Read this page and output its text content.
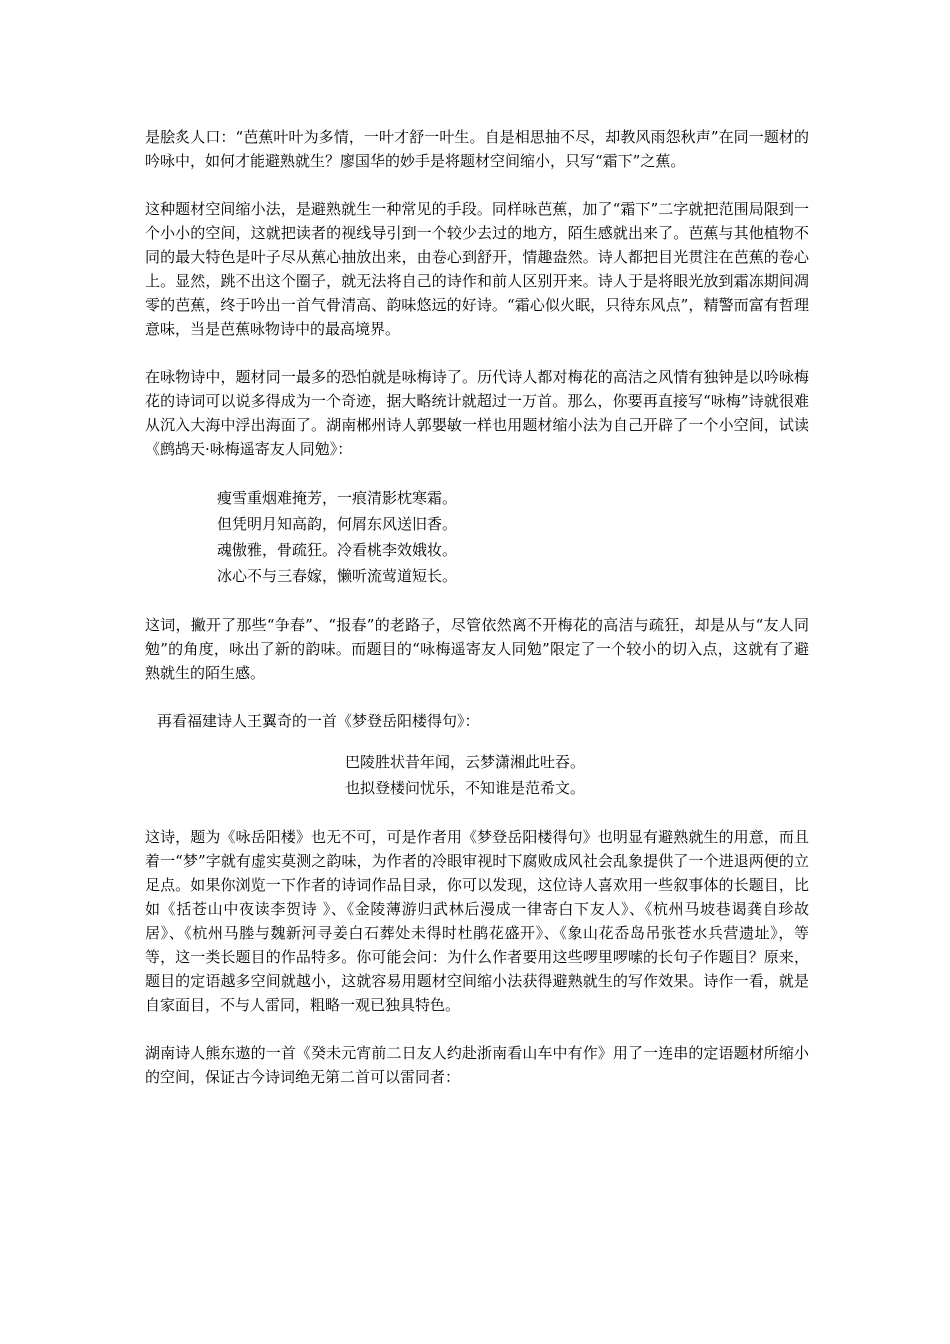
是脍炙人口：“芭蕉叶叶为多情，一叶才舒一叶生。自是相思抽不尽，却教风雨怨秋声”在同一题材的吟咏中，如何才能避熟就生？廖国华的妙手是将题材空间缩小，只写“霜下”之蕉。

这种题材空间缩小法，是避熟就生一种常见的手段。同样咏芭蕉，加了“霜下”二字就把范围局限到一个小小的空间，这就把读者的视线导引到一个较少去过的地方，陌生感就出来了。芭蕉与其他植物不同的最大特色是叶子尽从蕉心抽放出来，由卷心到舒开，情趣盎然。诗人都把目光贯注在芭蕉的卷心上。显然，跳不出这个圈子，就无法将自己的诗作和前人区别开来。诗人于是将眼光放到霜冻期间凋零的芭蕉，终于吟出一首气骨清高、韵味悠远的好诗。“霜心似火眠，只待东风点”，精警而富有哲理意味，当是芭蕉咏物诗中的最高境界。

在咏物诗中，题材同一最多的恐怕就是咏梅诗了。历代诗人都对梅花的高洁之风情有独钟是以吟咏梅花的诗词可以说多得成为一个奇迹，据大略统计就超过一万首。那么，你要再直接写“咏梅”诗就很难从沉入大海中浮出海面了。湖南郴州诗人郭嬰敏一样也用题材缩小法为自己开辟了一个小空间，试读《鹧鸪天·咏梅遥寄友人同勉》：

瘦雪重烟难掩芳，一痕清影枕寒霜。
但凭明月知高韵，何屑东风送旧香。
魂傲雅，骨疏狂。冷看桃李效娥妆。
冰心不与三春嫁，懒听流莺道短长。

这词，撇开了那些“争春”、“报春”的老路子，尽管依然离不开梅花的高洁与疏狂，却是从与“友人同勉”的角度，咏出了新的韵味。而题目的“咏梅遥寄友人同勉”限定了一个较小的切入点，这就有了避熟就生的陌生感。

再看福建诗人王翼奇的一首《梦登岳阳楼得句》：

巴陵胜状昔年闻，云梦潇湘此吐吞。
也拟登楼问忧乐，不知谁是范希文。

这诗，题为《咏岳阳楼》也无不可，可是作者用《梦登岳阳楼得句》也明显有避熟就生的用意，而且着一“梦”字就有虚实莫测之韵味，为作者的冷眼审视时下腐败成风社会乱象提供了一个进退两便的立足点。如果你浏览一下作者的诗词作品目录，你可以发现，这位诗人喜欢用一些叙事体的长题目，比如《括苍山中夜读李贺诗 》、《金陵薄游归武林后漫成一律寄白下友人》、《杭州马坡巷谒龚自珍故居》、《杭州马塍与魏新河寻姜白石葬处未得时杜鹃花盛开》、《象山花岙岛吊张苍水兵营遗址》，等等，这一类长题目的作品特多。你可能会问：为什么作者要用这些啰里啰嗦的长句子作题目？原来，题目的定语越多空间就越小，这就容易用题材空间缩小法获得避熟就生的写作效果。诗作一看，就是自家面目，不与人雷同，粗略一观已独具特色。

湖南诗人熊东遨的一首《癸未元宵前二日友人约赴浙南看山车中有作》用了一连串的定语题材所缩小的空间，保证古今诗词绝无第二首可以雷同者：
